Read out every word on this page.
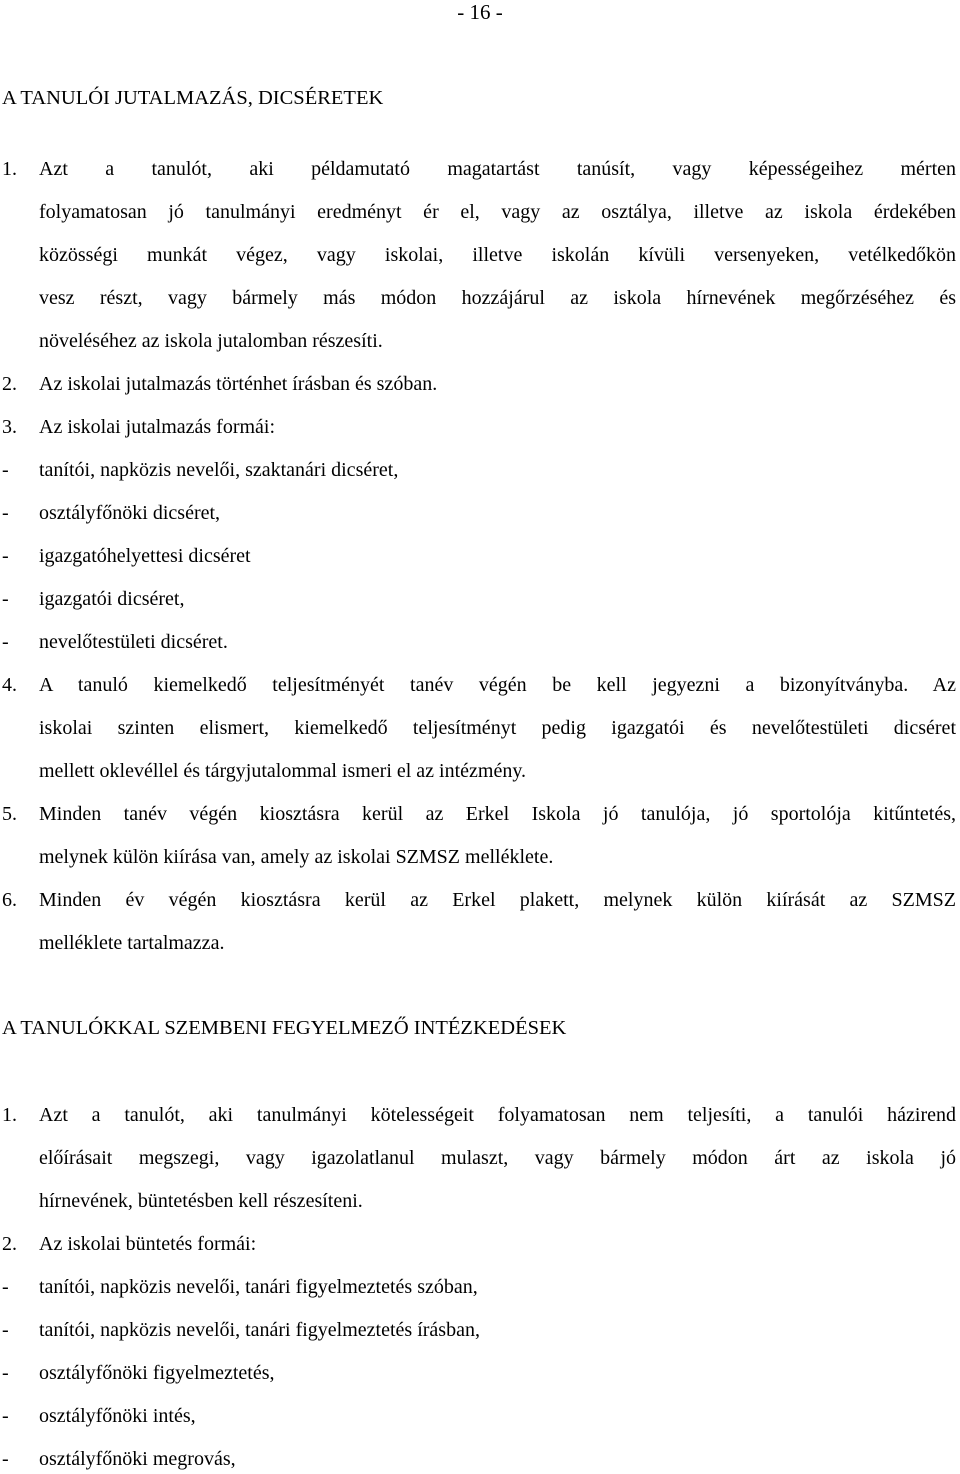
- 16 -
A TANULÓI JUTALMAZÁS, DICSÉRETEK
1. Azt a tanulót, aki példamutató magatartást tanúsít, vagy képességeihez mérten
folyamatosan jó tanulmányi eredményt ér el, vagy az osztálya, illetve az iskola érdekében
közösségi munkát végez, vagy iskolai, illetve iskolán kívüli versenyeken, vetélkedőkön
vesz részt, vagy bármely más módon hozzájárul az iskola hírnevének megőrzéséhez és
növeléséhez az iskola jutalomban részesíti.
2. Az iskolai jutalmazás történhet írásban és szóban.
3. Az iskolai jutalmazás formái:
- tanítói, napközis nevelői, szaktanári dicséret,
- osztályfőnöki dicséret,
- igazgatóhelyettesi dicséret
- igazgatói dicséret,
- nevelőtestületi dicséret.
4. A tanuló kiemelkedő teljesítményét tanév végén be kell jegyezni a bizonyítványba. Az
iskolai szinten elismert, kiemelkedő teljesítményt pedig igazgatói és nevelőtestületi dicséret
mellett oklevéllel és tárgyjutalommal ismeri el az intézmény.
5. Minden tanév végén kiosztásra kerül az Erkel Iskola jó tanulója, jó sportolója kitűntetés,
melynek külön kiírása van, amely az iskolai SZMSZ melléklete.
6. Minden év végén kiosztásra kerül az Erkel plakett, melynek külön kiírását az SZMSZ
melléklete tartalmazza.
A TANULÓKKAL SZEMBENI FEGYELMEZŐ INTÉZKEDÉSEK
1. Azt a tanulót, aki tanulmányi kötelességeit folyamatosan nem teljesíti, a tanulói házirend
előírásait megszegi, vagy igazolatlanul mulaszt, vagy bármely módon árt az iskola jó
hírnevének, büntetésben kell részesíteni.
2. Az iskolai büntetés formái:
- tanítói, napközis nevelői, tanári figyelmeztetés szóban,
- tanítói, napközis nevelői, tanári figyelmeztetés írásban,
- osztályfőnöki figyelmeztetés,
- osztályfőnöki intés,
- osztályfőnöki megrovás,
